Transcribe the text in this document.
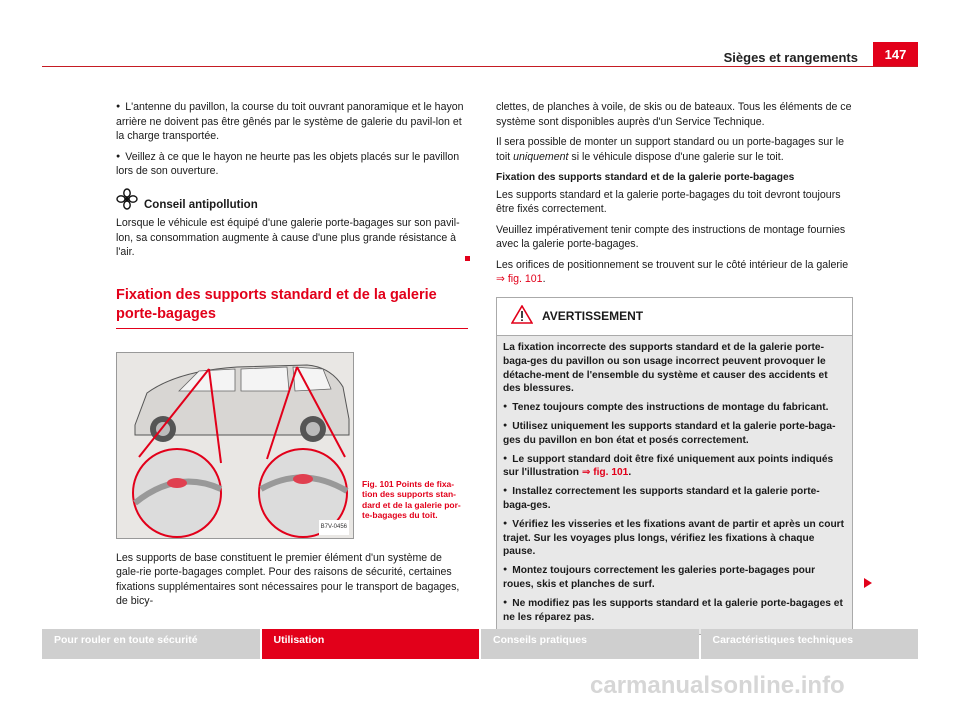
Sièges et rangements	147

● L'antenne du pavillon, la course du toit ouvrant panoramique et le hayon arrière ne doivent pas être gênés par le système de galerie du pavil-lon et la charge transportée.

● Veillez à ce que le hayon ne heurte pas les objets placés sur le pavillon lors de son ouverture.

Conseil antipollution

Lorsque le véhicule est équipé d'une galerie porte-bagages sur son pavil-lon, sa consommation augmente à cause d'une plus grande résistance à l'air.

Fixation des supports standard et de la galerie porte-bagages
B7V-0456
Fig. 101 Points de fixa-tion des supports stan-dard et de la galerie por-te-bagages du toit.

Les supports de base constituent le premier élément d'un système de gale-rie porte-bagages complet. Pour des raisons de sécurité, certaines fixations supplémentaires sont nécessaires pour le transport de bagages, de bicy-

clettes, de planches à voile, de skis ou de bateaux. Tous les éléments de ce système sont disponibles auprès d'un Service Technique.

Il sera possible de monter un support standard ou un porte-bagages sur le toit uniquement si le véhicule dispose d'une galerie sur le toit.

Fixation des supports standard et de la galerie porte-bagages

Les supports standard et la galerie porte-bagages du toit devront toujours être fixés correctement.

Veuillez impérativement tenir compte des instructions de montage fournies avec la galerie porte-bagages.

Les orifices de positionnement se trouvent sur le côté intérieur de la galerie ⇒ fig. 101.

AVERTISSEMENT

La fixation incorrecte des supports standard et de la galerie porte-baga-ges du pavillon ou son usage incorrect peuvent provoquer le détache-ment de l'ensemble du système et causer des accidents et des blessures.

● Tenez toujours compte des instructions de montage du fabricant.

● Utilisez uniquement les supports standard et la galerie porte-baga-ges du pavillon en bon état et posés correctement.

● Le support standard doit être fixé uniquement aux points indiqués sur l'illustration ⇒ fig. 101.

● Installez correctement les supports standard et la galerie porte-baga-ges.

● Vérifiez les visseries et les fixations avant de partir et après un court trajet. Sur les voyages plus longs, vérifiez les fixations à chaque pause.

● Montez toujours correctement les galeries porte-bagages pour roues, skis et planches de surf.

● Ne modifiez pas les supports standard et la galerie porte-bagages et ne les réparez pas.

Pour rouler en toute sécurité	Utilisation	Conseils pratiques	Caractéristiques techniques
carmanualsonline.info
